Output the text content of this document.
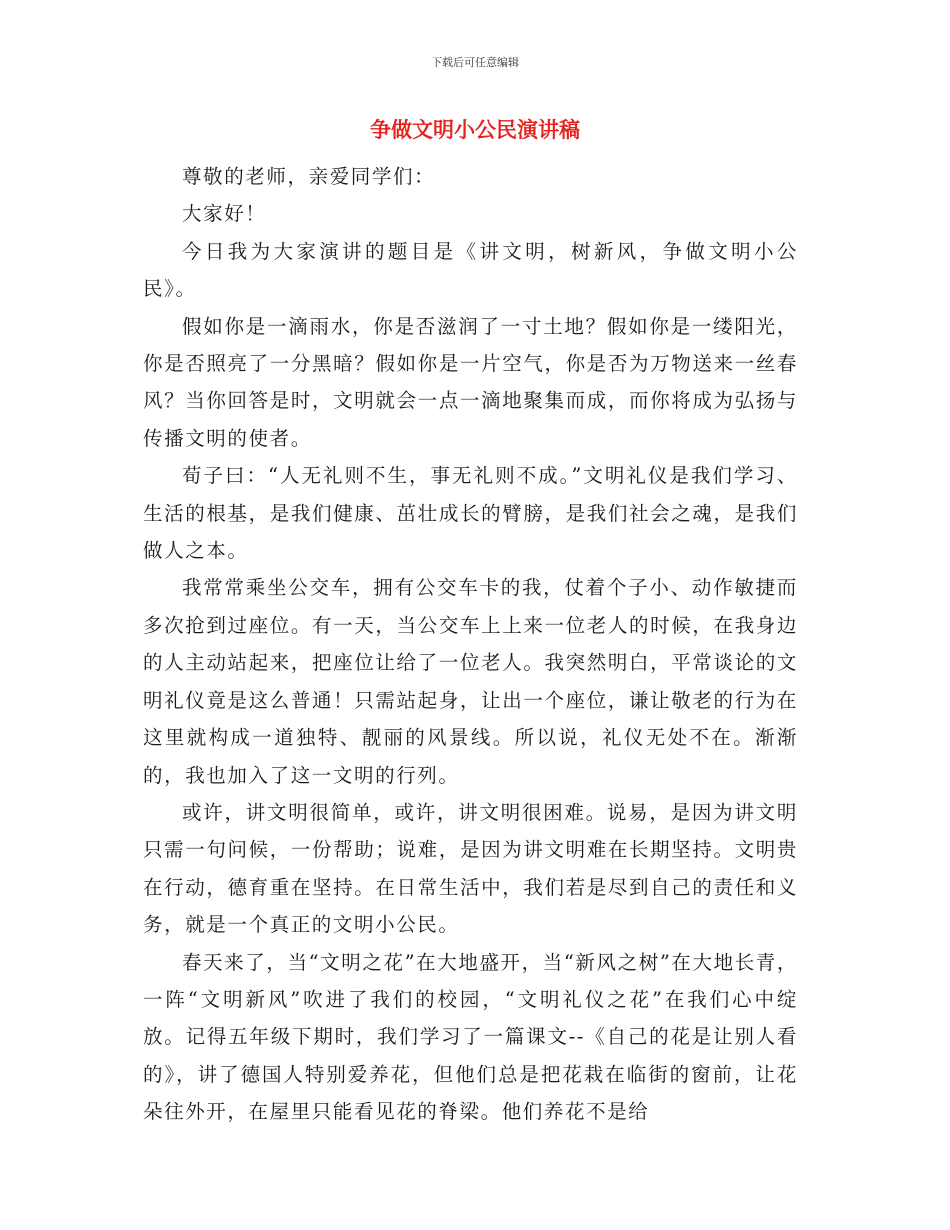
下载后可任意编辑
争做文明小公民演讲稿

尊敬的老师，亲爱同学们：

大家好！

今日我为大家演讲的题目是《讲文明，树新风，争做文明小公民》。

假如你是一滴雨水，你是否滋润了一寸土地？假如你是一缕阳光，你是否照亮了一分黑暗？假如你是一片空气，你是否为万物送来一丝春风？当你回答是时，文明就会一点一滴地聚集而成，而你将成为弘扬与传播文明的使者。

荀子曰：“人无礼则不生，事无礼则不成。”文明礼仪是我们学习、生活的根基，是我们健康、茁壮成长的臂膀，是我们社会之魂，是我们做人之本。

我常常乘坐公交车，拥有公交车卡的我，仗着个子小、动作敏捷而多次抢到过座位。有一天，当公交车上上来一位老人的时候，在我身边的人主动站起来，把座位让给了一位老人。我突然明白，平常谈论的文明礼仪竟是这么普通！只需站起身，让出一个座位，谦让敬老的行为在这里就构成一道独特、靓丽的风景线。所以说，礼仪无处不在。渐渐的，我也加入了这一文明的行列。

或许，讲文明很简单，或许，讲文明很困难。说易，是因为讲文明只需一句问候，一份帮助；说难，是因为讲文明难在长期坚持。文明贵在行动，德育重在坚持。在日常生活中，我们若是尽到自己的责任和义务，就是一个真正的文明小公民。

春天来了，当“文明之花”在大地盛开，当“新风之树”在大地长青，一阵“文明新风”吹进了我们的校园，“文明礼仪之花”在我们心中绽放。记得五年级下期时，我们学习了一篇课文--《自己的花是让别人看的》，讲了德国人特别爱养花，但他们总是把花栽在临街的窗前，让花朵往外开，在屋里只能看见花的脊梁。他们养花不是给
